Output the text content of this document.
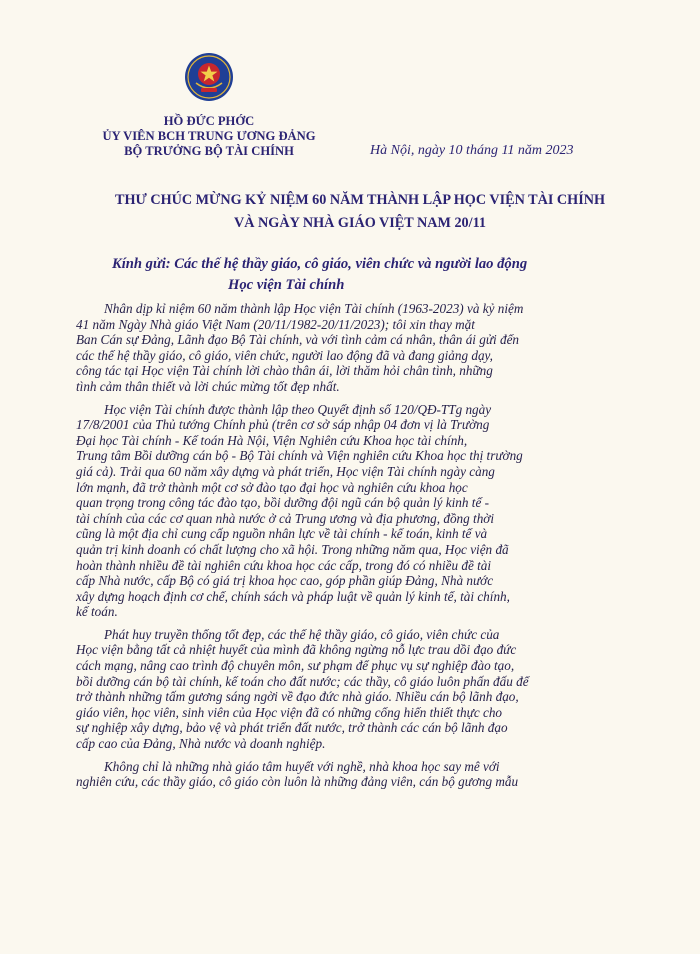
HỒ ĐỨC PHỚC
ỦY VIÊN BCH TRUNG ƯƠNG ĐẢNG
BỘ TRƯỞNG BỘ TÀI CHÍNH	Hà Nội, ngày 10 tháng 11 năm 2023
THƯ CHÚC MỪNG KỶ NIỆM 60 NĂM THÀNH LẬP HỌC VIỆN TÀI CHÍNH
VÀ NGÀY NHÀ GIÁO VIỆT NAM 20/11
Kính gửi: Các thế hệ thầy giáo, cô giáo, viên chức và người lao động
Học viện Tài chính

Nhân dịp kỉ niệm 60 năm thành lập Học viện Tài chính (1963-2023) và kỷ niệm
41 năm Ngày Nhà giáo Việt Nam (20/11/1982-20/11/2023); tôi xin thay mặt
Ban Cán sự Đảng, Lãnh đạo Bộ Tài chính, và với tình cảm cá nhân, thân ái gửi đến
các thế hệ thầy giáo, cô giáo, viên chức, người lao động đã và đang giảng dạy,
công tác tại Học viện Tài chính lời chào thân ái, lời thăm hỏi chân tình, những
tình cảm thân thiết và lời chúc mừng tốt đẹp nhất.

Học viện Tài chính được thành lập theo Quyết định số 120/QĐ-TTg ngày
17/8/2001 của Thủ tướng Chính phủ (trên cơ sở sáp nhập 04 đơn vị là Trường
Đại học Tài chính - Kế toán Hà Nội, Viện Nghiên cứu Khoa học tài chính,
Trung tâm Bồi dưỡng cán bộ - Bộ Tài chính và Viện nghiên cứu Khoa học thị trường
giá cả). Trải qua 60 năm xây dựng và phát triển, Học viện Tài chính ngày càng
lớn mạnh, đã trở thành một cơ sở đào tạo đại học và nghiên cứu khoa học
quan trọng trong công tác đào tạo, bồi dưỡng đội ngũ cán bộ quản lý kinh tế -
tài chính của các cơ quan nhà nước ở cả Trung ương và địa phương, đồng thời
cũng là một địa chỉ cung cấp nguồn nhân lực về tài chính - kế toán, kinh tế và
quản trị kinh doanh có chất lượng cho xã hội. Trong những năm qua, Học viện đã
hoàn thành nhiều đề tài nghiên cứu khoa học các cấp, trong đó có nhiều đề tài
cấp Nhà nước, cấp Bộ có giá trị khoa học cao, góp phần giúp Đảng, Nhà nước
xây dựng hoạch định cơ chế, chính sách và pháp luật về quản lý kinh tế, tài chính,
kế toán.

Phát huy truyền thống tốt đẹp, các thế hệ thầy giáo, cô giáo, viên chức của
Học viện bằng tất cả nhiệt huyết của mình đã không ngừng nỗ lực trau dồi đạo đức
cách mạng, nâng cao trình độ chuyên môn, sư phạm để phục vụ sự nghiệp đào tạo,
bồi dưỡng cán bộ tài chính, kế toán cho đất nước; các thầy, cô giáo luôn phấn đấu để
trở thành những tấm gương sáng ngời về đạo đức nhà giáo. Nhiều cán bộ lãnh đạo,
giáo viên, học viên, sinh viên của Học viện đã có những cống hiến thiết thực cho
sự nghiệp xây dựng, bảo vệ và phát triển đất nước, trở thành các cán bộ lãnh đạo
cấp cao của Đảng, Nhà nước và doanh nghiệp.

Không chỉ là những nhà giáo tâm huyết với nghề, nhà khoa học say mê với
nghiên cứu, các thầy giáo, cô giáo còn luôn là những đảng viên, cán bộ gương mẫu
